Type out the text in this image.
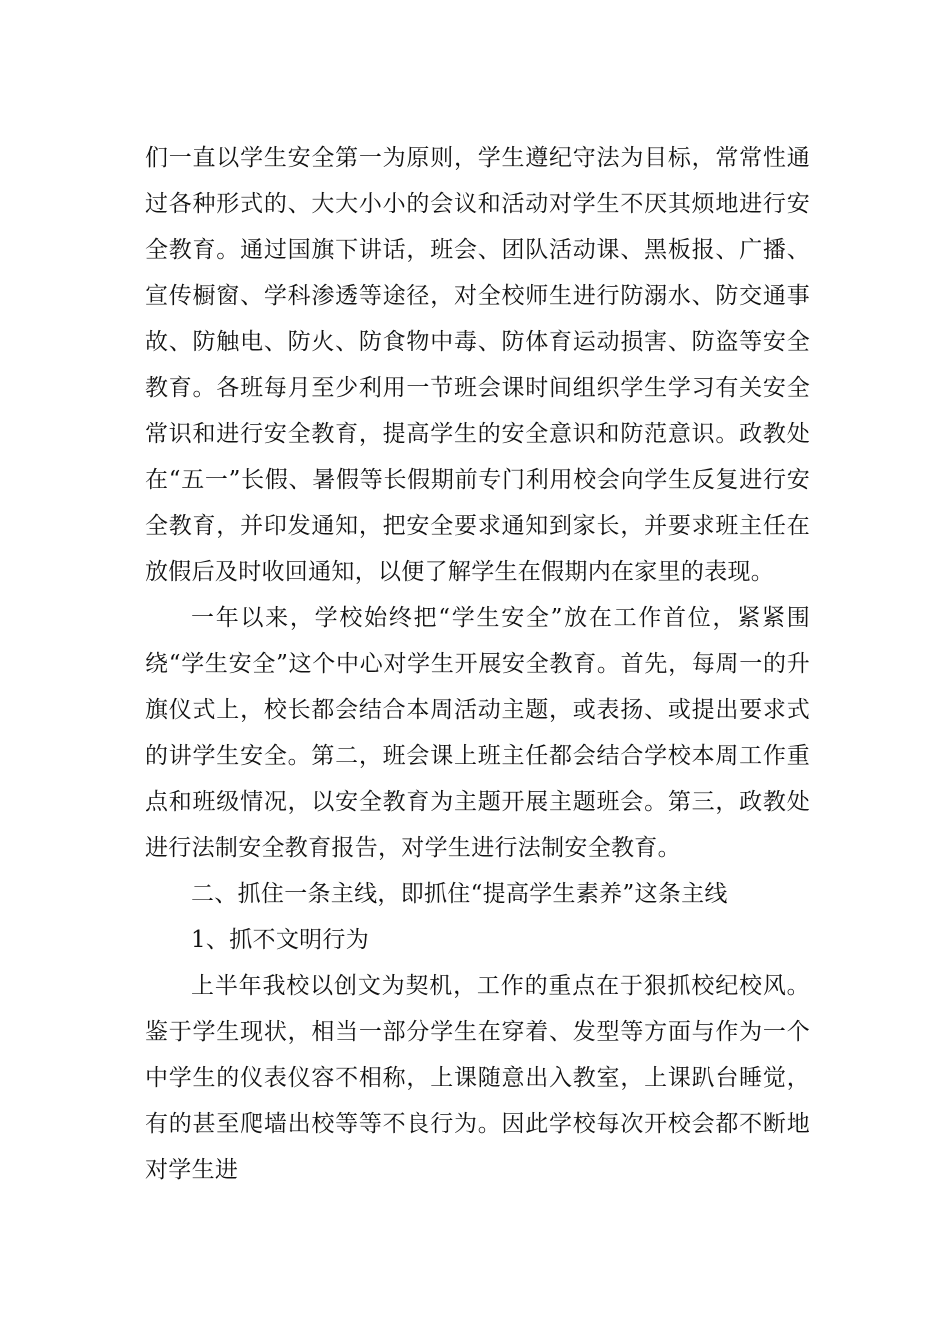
们一直以学生安全第一为原则，学生遵纪守法为目标，常常性通过各种形式的、大大小小的会议和活动对学生不厌其烦地进行安全教育。通过国旗下讲话，班会、团队活动课、黑板报、广播、宣传橱窗、学科渗透等途径，对全校师生进行防溺水、防交通事故、防触电、防火、防食物中毒、防体育运动损害、防盗等安全教育。各班每月至少利用一节班会课时间组织学生学习有关安全常识和进行安全教育，提高学生的安全意识和防范意识。政教处在“五一”长假、暑假等长假期前专门利用校会向学生反复进行安全教育，并印发通知，把安全要求通知到家长，并要求班主任在放假后及时收回通知，以便了解学生在假期内在家里的表现。

一年以来，学校始终把“学生安全”放在工作首位，紧紧围绕“学生安全”这个中心对学生开展安全教育。首先，每周一的升旗仪式上，校长都会结合本周活动主题，或表扬、或提出要求式的讲学生安全。第二，班会课上班主任都会结合学校本周工作重点和班级情况，以安全教育为主题开展主题班会。第三，政教处进行法制安全教育报告，对学生进行法制安全教育。

二、抓住一条主线，即抓住“提高学生素养”这条主线

1、抓不文明行为

上半年我校以创文为契机，工作的重点在于狠抓校纪校风。鉴于学生现状，相当一部分学生在穿着、发型等方面与作为一个中学生的仪表仪容不相称，上课随意出入教室，上课趴台睡觉，有的甚至爬墙出校等等不良行为。因此学校每次开校会都不断地对学生进
